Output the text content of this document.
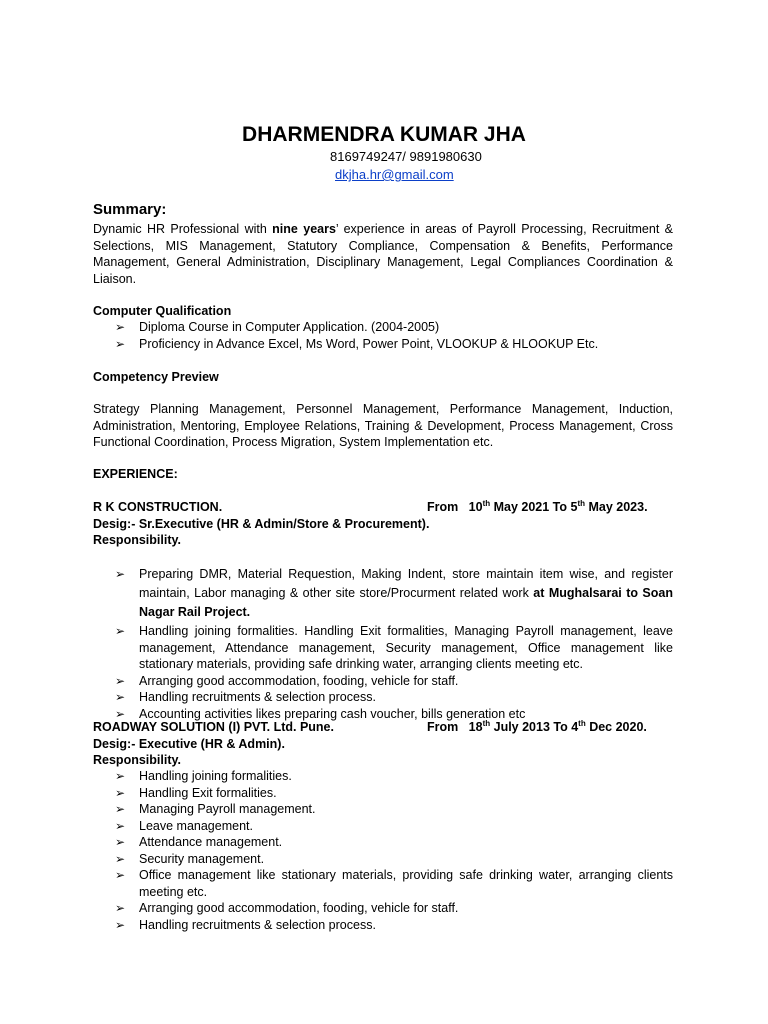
DHARMENDRA KUMAR JHA
8169749247/ 9891980630
dkjha.hr@gmail.com
Summary:
Dynamic HR Professional with nine years’ experience in areas of Payroll Processing, Recruitment & Selections, MIS Management, Statutory Compliance, Compensation & Benefits, Performance Management, General Administration, Disciplinary Management, Legal Compliances Coordination & Liaison.
Computer Qualification
➢ Diploma Course in Computer Application. (2004-2005)
➢ Proficiency in Advance Excel, Ms Word, Power Point, VLOOKUP & HLOOKUP Etc.
Competency Preview
Strategy Planning Management, Personnel Management, Performance Management, Induction, Administration, Mentoring, Employee Relations, Training & Development, Process Management, Cross Functional Coordination, Process Migration, System Implementation etc.
EXPERIENCE:
R K CONSTRUCTION.	From 10th May 2021 To 5th May 2023.
Desig:- Sr.Executive (HR & Admin/Store & Procurement).
Responsibility.
➢ Preparing DMR, Material Requestion, Making Indent, store maintain item wise, and register maintain, Labor managing & other site store/Procurment related work at Mughalsarai to Soan Nagar Rail Project.
➢ Handling joining formalities. Handling Exit formalities, Managing Payroll management, leave management, Attendance management, Security management, Office management like stationary materials, providing safe drinking water, arranging clients meeting etc.
➢ Arranging good accommodation, fooding, vehicle for staff.
➢ Handling recruitments & selection process.
➢ Accounting activities likes preparing cash voucher, bills generation etc
ROADWAY SOLUTION (I) PVT. Ltd. Pune.	From 18th July 2013 To 4th Dec 2020.
Desig:- Executive (HR & Admin).
Responsibility.
➢ Handling joining formalities.
➢ Handling Exit formalities.
➢ Managing Payroll management.
➢ Leave management.
➢ Attendance management.
➢ Security management.
➢ Office management like stationary materials, providing safe drinking water, arranging clients meeting etc.
➢ Arranging good accommodation, fooding, vehicle for staff.
➢ Handling recruitments & selection process.
